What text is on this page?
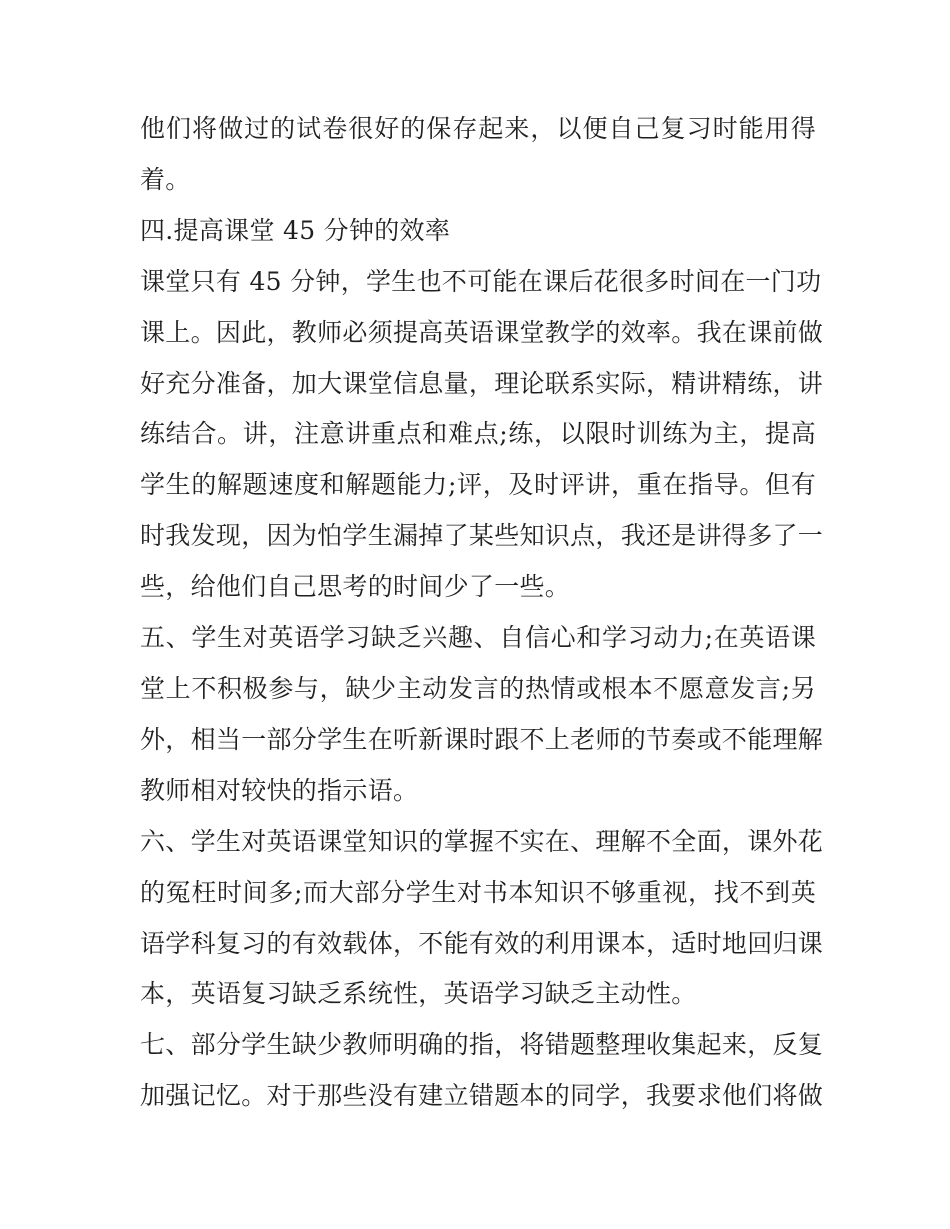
他们将做过的试卷很好的保存起来，以便自己复习时能用得
着。
四.提高课堂 45 分钟的效率
课堂只有 45 分钟，学生也不可能在课后花很多时间在一门功
课上。因此，教师必须提高英语课堂教学的效率。我在课前做
好充分准备，加大课堂信息量，理论联系实际，精讲精练，讲
练结合。讲，注意讲重点和难点;练，以限时训练为主，提高
学生的解题速度和解题能力;评，及时评讲，重在指导。但有
时我发现，因为怕学生漏掉了某些知识点，我还是讲得多了一
些，给他们自己思考的时间少了一些。
五、学生对英语学习缺乏兴趣、自信心和学习动力;在英语课
堂上不积极参与，缺少主动发言的热情或根本不愿意发言;另
外，相当一部分学生在听新课时跟不上老师的节奏或不能理解
教师相对较快的指示语。
六、学生对英语课堂知识的掌握不实在、理解不全面，课外花
的冤枉时间多;而大部分学生对书本知识不够重视，找不到英
语学科复习的有效载体，不能有效的利用课本，适时地回归课
本，英语复习缺乏系统性，英语学习缺乏主动性。
七、部分学生缺少教师明确的指，将错题整理收集起来，反复
加强记忆。对于那些没有建立错题本的同学，我要求他们将做
